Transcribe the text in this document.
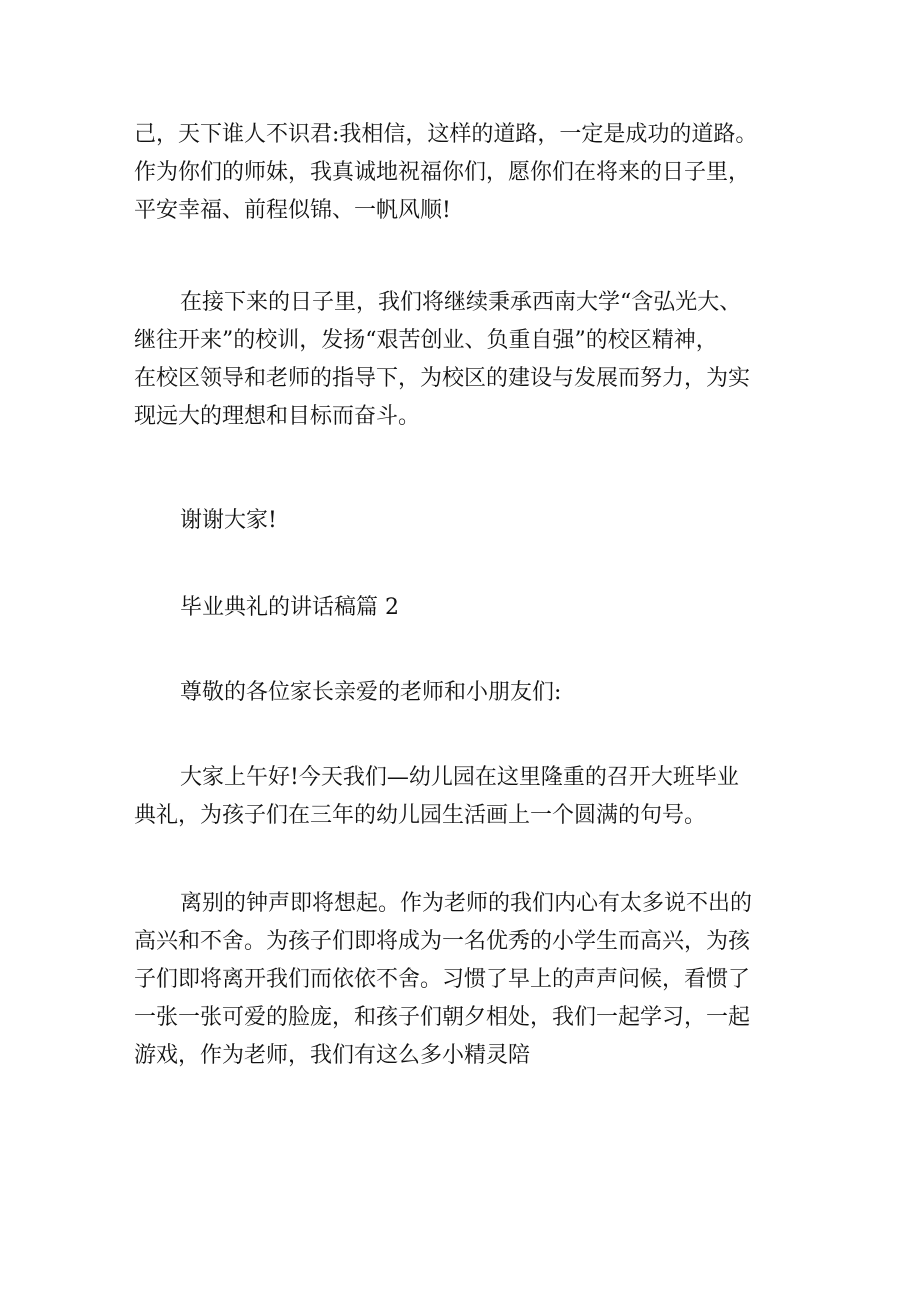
己，天下谁人不识君:我相信，这样的道路，一定是成功的道路。
作为你们的师妹，我真诚地祝福你们，愿你们在将来的日子里，
平安幸福、前程似锦、一帆风顺!
在接下来的日子里，我们将继续秉承西南大学“含弘光大、
继往开来”的校训，发扬“艰苦创业、负重自强”的校区精神，
在校区领导和老师的指导下，为校区的建设与发展而努力，为实
现远大的理想和目标而奋斗。

谢谢大家!

毕业典礼的讲话稿篇 2

尊敬的各位家长亲爱的老师和小朋友们:

大家上午好!今天我们—幼儿园在这里隆重的召开大班毕业
典礼，为孩子们在三年的幼儿园生活画上一个圆满的句号。
离别的钟声即将想起。作为老师的我们内心有太多说不出的
高兴和不舍。为孩子们即将成为一名优秀的小学生而高兴，为孩
子们即将离开我们而依依不舍。习惯了早上的声声问候，看惯了
一张一张可爱的脸庞，和孩子们朝夕相处，我们一起学习，一起
游戏，作为老师，我们有这么多小精灵陪
